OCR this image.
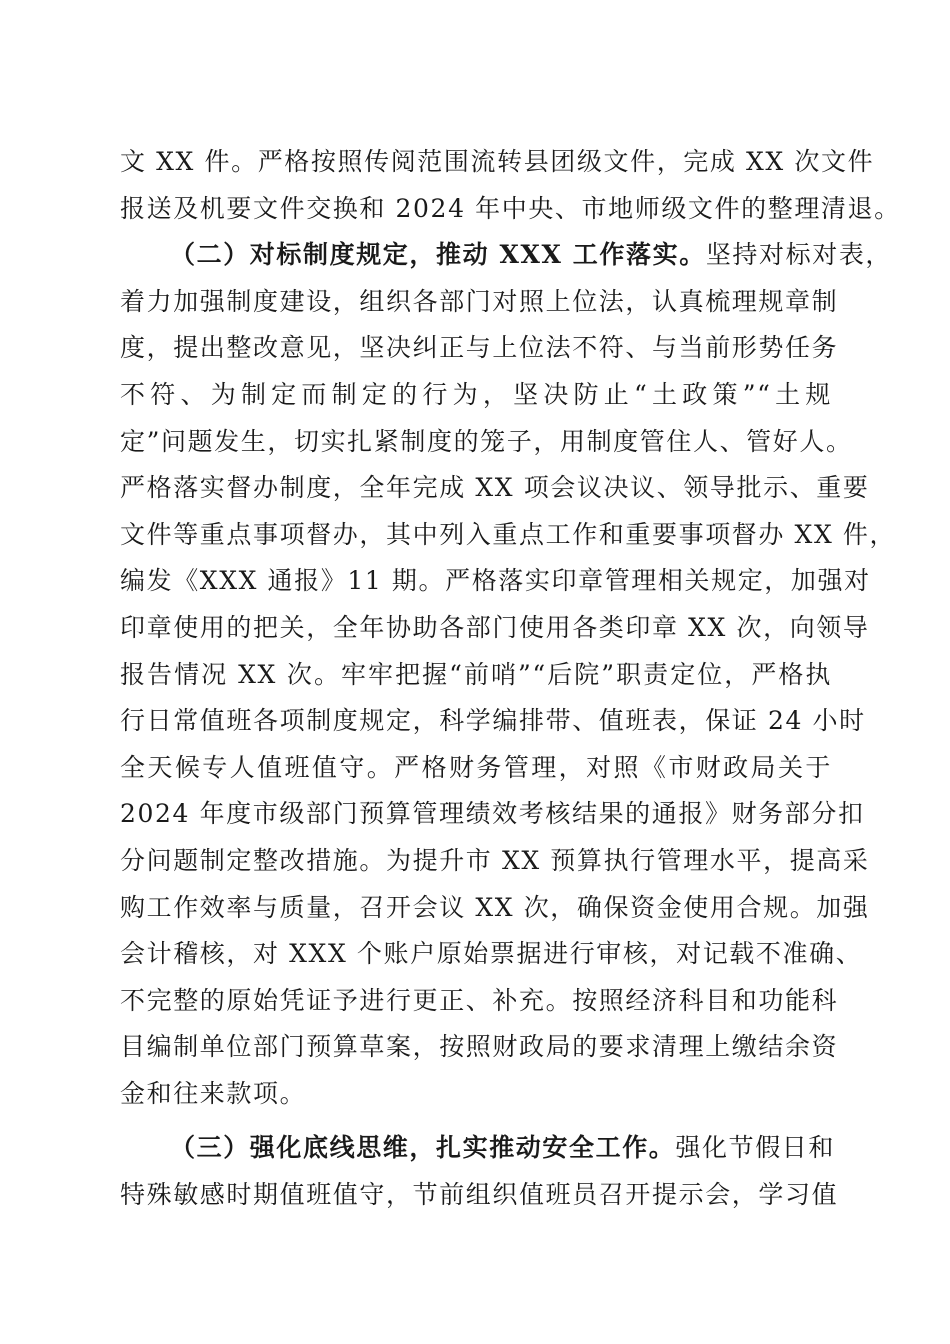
文 XX 件。严格按照传阅范围流转县团级文件，完成 XX 次文件
报送及机要文件交换和 2024 年中央、市地师级文件的整理清退。
（二）对标制度规定，推动 XXX 工作落实。坚持对标对表，
着力加强制度建设，组织各部门对照上位法，认真梳理规章制
度，提出整改意见，坚决纠正与上位法不符、与当前形势任务
不符、为制定而制定的行为，坚决防止“土政策”“土规
定”问题发生，切实扎紧制度的笼子，用制度管住人、管好人。
严格落实督办制度，全年完成 XX 项会议决议、领导批示、重要
文件等重点事项督办，其中列入重点工作和重要事项督办 XX 件，
编发《XXX 通报》11 期。严格落实印章管理相关规定，加强对
印章使用的把关，全年协助各部门使用各类印章 XX 次，向领导
报告情况 XX 次。牢牢把握“前哨”“后院”职责定位，严格执
行日常值班各项制度规定，科学编排带、值班表，保证 24 小时
全天候专人值班值守。严格财务管理，对照《市财政局关于
2024 年度市级部门预算管理绩效考核结果的通报》财务部分扣
分问题制定整改措施。为提升市 XX 预算执行管理水平，提高采
购工作效率与质量，召开会议 XX 次，确保资金使用合规。加强
会计稽核，对 XXX 个账户原始票据进行审核，对记载不准确、
不完整的原始凭证予进行更正、补充。按照经济科目和功能科
目编制单位部门预算草案，按照财政局的要求清理上缴结余资
金和往来款项。
（三）强化底线思维，扎实推动安全工作。强化节假日和
特殊敏感时期值班值守，节前组织值班员召开提示会，学习值
